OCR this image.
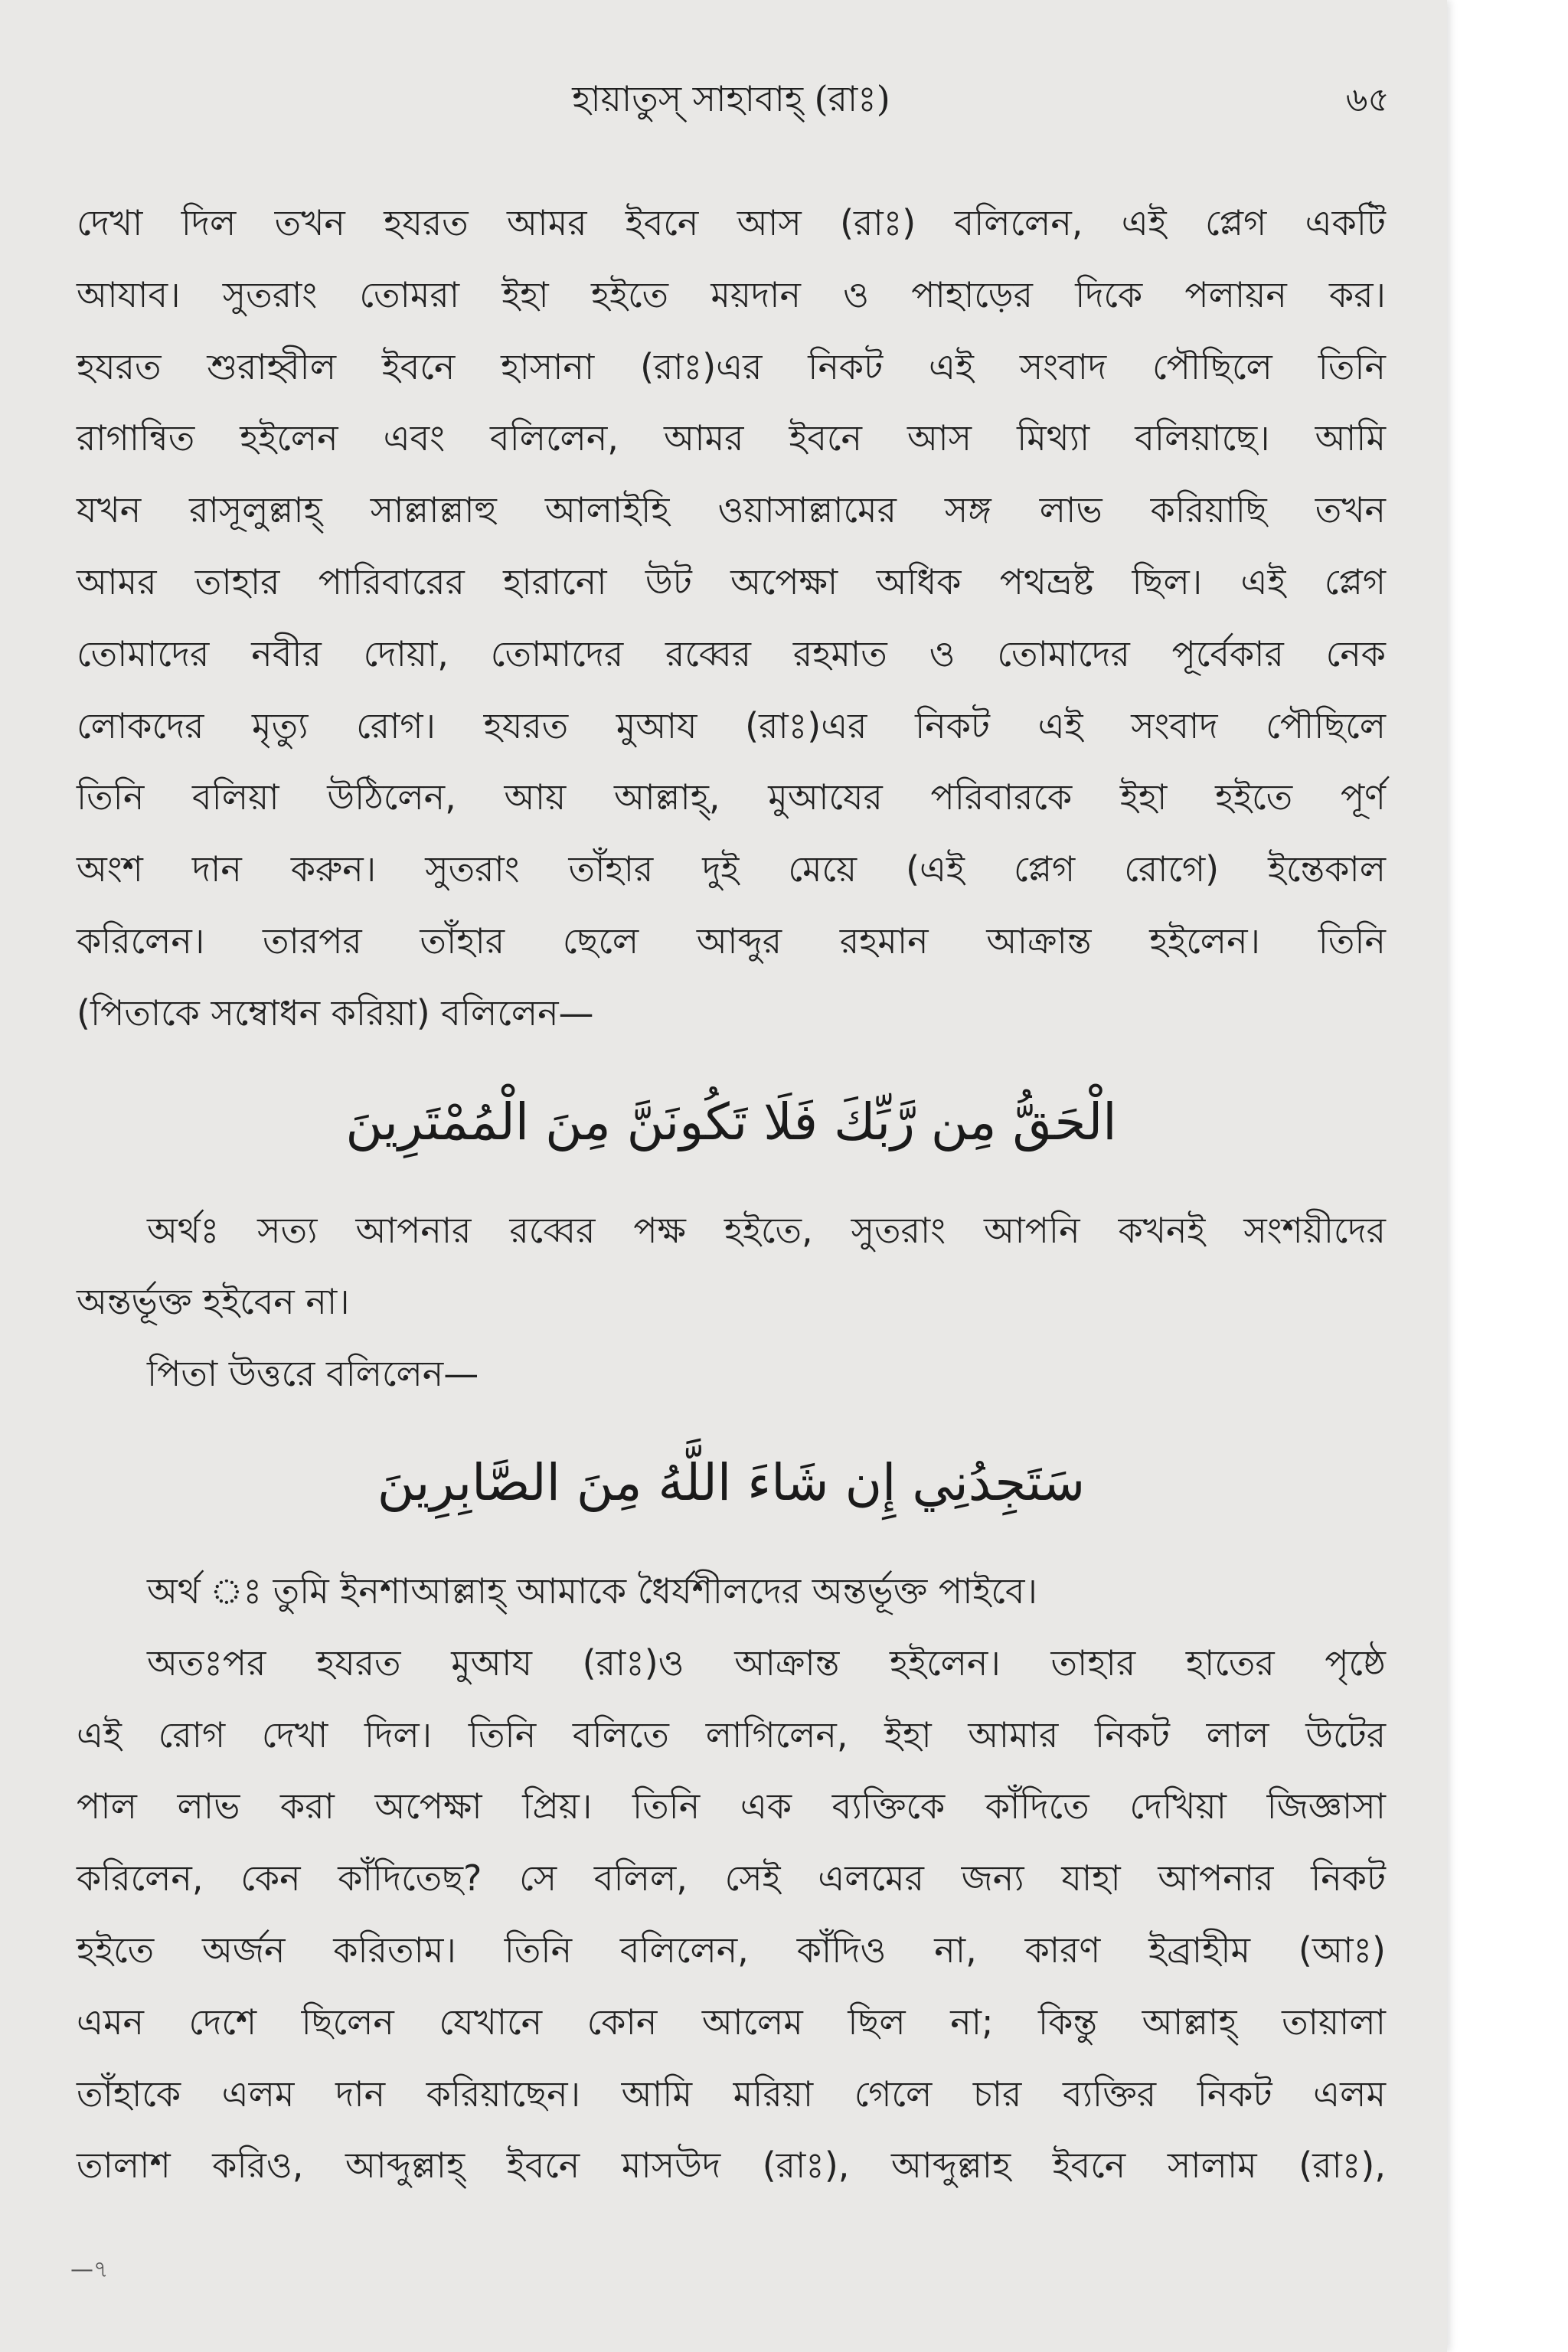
হায়াতুস্ সাহাবাহ্ (রাঃ)	৬৫
দেখা দিল তখন হযরত আমর ইবনে আস (রাঃ) বলিলেন, এই প্লেগ একটি
আযাব। সুতরাং তোমরা ইহা হইতে ময়দান ও পাহাড়ের দিকে পলায়ন কর।
হযরত শুরাহ্বীল ইবনে হাসানা (রাঃ)এর নিকট এই সংবাদ পৌছিলে তিনি
রাগান্বিত হইলেন এবং বলিলেন, আমর ইবনে আস মিথ্যা বলিয়াছে। আমি
যখন রাসূলুল্লাহ্ সাল্লাল্লাহু আলাইহি ওয়াসাল্লামের সঙ্গ লাভ করিয়াছি তখন
আমর তাহার পারিবারের হারানো উট অপেক্ষা অধিক পথভ্রষ্ট ছিল। এই প্লেগ
তোমাদের নবীর দোয়া, তোমাদের রব্বের রহমাত ও তোমাদের পূর্বেকার নেক
লোকদের মৃত্যু রোগ। হযরত মুআয (রাঃ)এর নিকট এই সংবাদ পৌছিলে
তিনি বলিয়া উঠিলেন, আয় আল্লাহ্, মুআযের পরিবারকে ইহা হইতে পূর্ণ
অংশ দান করুন। সুতরাং তাঁহার দুই মেয়ে (এই প্লেগ রোগে) ইন্তেকাল
করিলেন। তারপর তাঁহার ছেলে আব্দুর রহমান আক্রান্ত হইলেন। তিনি
(পিতাকে সম্বোধন করিয়া) বলিলেন—
الْحَقُّ مِن رَّبِّكَ فَلَا تَكُونَنَّ مِنَ الْمُمْتَرِينَ
অর্থঃ সত্য আপনার রব্বের পক্ষ হইতে, সুতরাং আপনি কখনই সংশয়ীদের
অন্তর্ভূক্ত হইবেন না।
পিতা উত্তরে বলিলেন—
سَتَجِدُنِي إِن شَاءَ اللَّهُ مِنَ الصَّابِرِينَ
অর্থ ঃ তুমি ইনশাআল্লাহ্ আমাকে ধৈর্যশীলদের অন্তর্ভূক্ত পাইবে।
অতঃপর হযরত মুআয (রাঃ)ও আক্রান্ত হইলেন। তাহার হাতের পৃষ্ঠে
এই রোগ দেখা দিল। তিনি বলিতে লাগিলেন, ইহা আমার নিকট লাল উটের
পাল লাভ করা অপেক্ষা প্রিয়। তিনি এক ব্যক্তিকে কাঁদিতে দেখিয়া জিজ্ঞাসা
করিলেন, কেন কাঁদিতেছ? সে বলিল, সেই এলমের জন্য যাহা আপনার নিকট
হইতে অর্জন করিতাম। তিনি বলিলেন, কাঁদিও না, কারণ ইব্রাহীম (আঃ)
এমন দেশে ছিলেন যেখানে কোন আলেম ছিল না; কিন্তু আল্লাহ্ তায়ালা
তাঁহাকে এলম দান করিয়াছেন। আমি মরিয়া গেলে চার ব্যক্তির নিকট এলম
তালাশ করিও, আব্দুল্লাহ্ ইবনে মাসউদ (রাঃ), আব্দুল্লাহ ইবনে সালাম (রাঃ),
—৭
